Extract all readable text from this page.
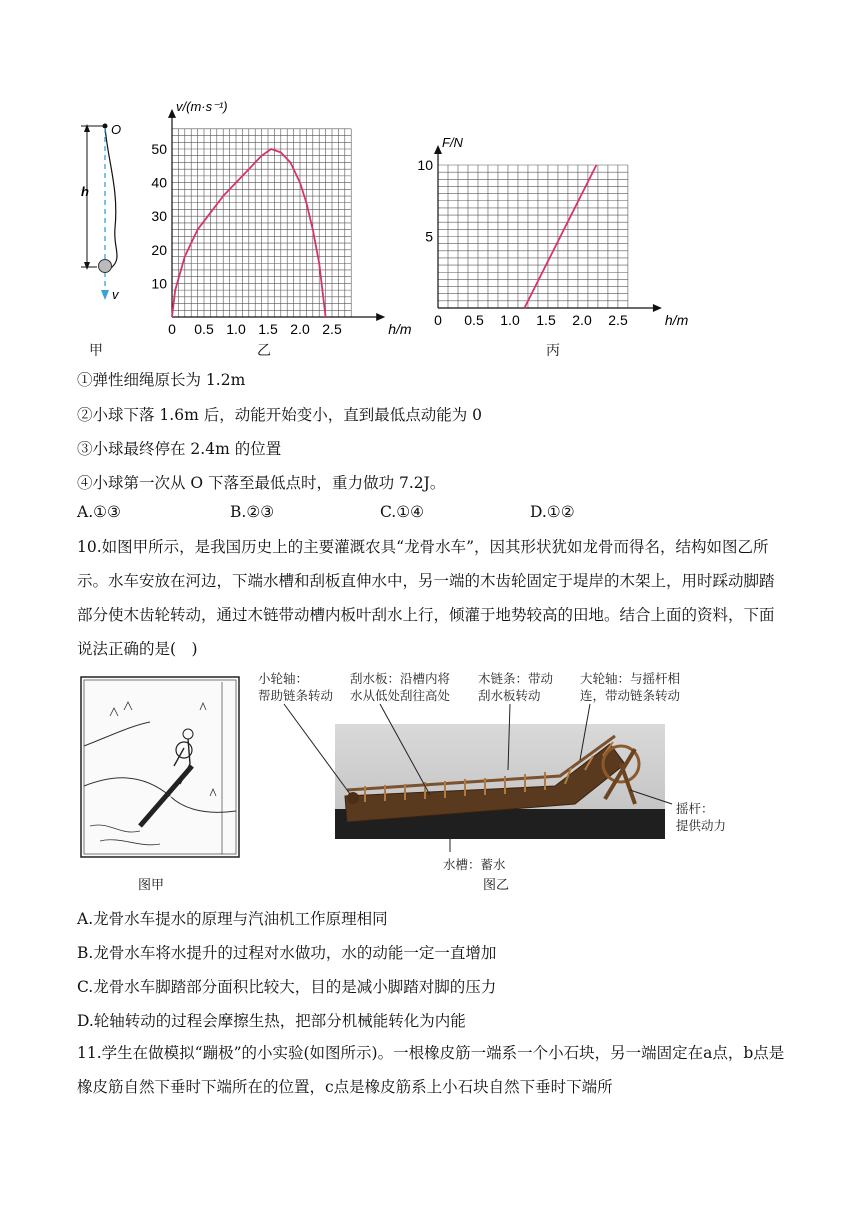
O
h
v
甲
0 0.5 1.0 1.5 2.0 2.5
10
20
30
40
50
h/m
v/(m·s⁻¹)
乙
0 0.5 1.0 1.5 2.0 2.5
5
10
h/m
F/N
丙
①弹性细绳原长为 1.2m
②小球下落 1.6m 后，动能开始变小，直到最低点动能为 0
③小球最终停在 2.4m 的位置
④小球第一次从 O 下落至最低点时，重力做功 7.2J。
A.①③	B.②③	C.①④	D.①②
10.如图甲所示，是我国历史上的主要灌溉农具“龙骨水车”，因其形状犹如龙骨而得名，结构如图乙所示。水车安放在河边，下端水槽和刮板直伸水中，另一端的木齿轮固定于堤岸的木架上，用时踩动脚踏部分使木齿轮转动，通过木链带动槽内板叶刮水上行，倾灌于地势较高的田地。结合上面的资料，下面说法正确的是(　)
图甲	图乙
小轮轴：
帮助链条转动
刮水板：沿槽内将
水从低处刮往高处
木链条：带动
刮水板转动
大轮轴：与摇杆相
连，带动链条转动
摇杆：
提供动力
水槽：蓄水
A.龙骨水车提水的原理与汽油机工作原理相同
B.龙骨水车将水提升的过程对水做功，水的动能一定一直增加
C.龙骨水车脚踏部分面积比较大，目的是减小脚踏对脚的压力
D.轮轴转动的过程会摩擦生热，把部分机械能转化为内能
11.学生在做模拟“蹦极”的小实验(如图所示)。一根橡皮筋一端系一个小石块，另一端固定在a点，b点是橡皮筋自然下垂时下端所在的位置，c点是橡皮筋系上小石块自然下垂时下端所
